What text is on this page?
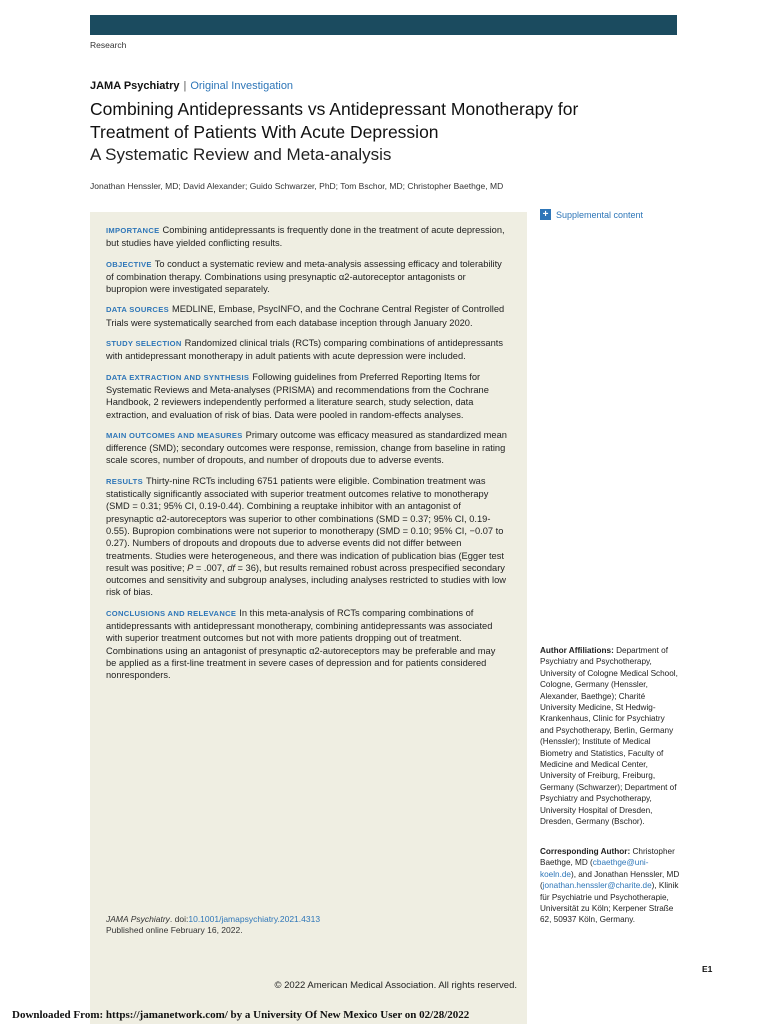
Research
JAMA Psychiatry | Original Investigation
Combining Antidepressants vs Antidepressant Monotherapy for Treatment of Patients With Acute Depression
A Systematic Review and Meta-analysis
Jonathan Henssler, MD; David Alexander; Guido Schwarzer, PhD; Tom Bschor, MD; Christopher Baethge, MD

IMPORTANCE Combining antidepressants is frequently done in the treatment of acute depression, but studies have yielded conflicting results.

OBJECTIVE To conduct a systematic review and meta-analysis assessing efficacy and tolerability of combination therapy. Combinations using presynaptic α2-autoreceptor antagonists or bupropion were investigated separately.

DATA SOURCES MEDLINE, Embase, PsycINFO, and the Cochrane Central Register of Controlled Trials were systematically searched from each database inception through January 2020.

STUDY SELECTION Randomized clinical trials (RCTs) comparing combinations of antidepressants with antidepressant monotherapy in adult patients with acute depression were included.

DATA EXTRACTION AND SYNTHESIS Following guidelines from Preferred Reporting Items for Systematic Reviews and Meta-analyses (PRISMA) and recommendations from the Cochrane Handbook, 2 reviewers independently performed a literature search, study selection, data extraction, and evaluation of risk of bias. Data were pooled in random-effects analyses.

MAIN OUTCOMES AND MEASURES Primary outcome was efficacy measured as standardized mean difference (SMD); secondary outcomes were response, remission, change from baseline in rating scale scores, number of dropouts, and number of dropouts due to adverse events.

RESULTS Thirty-nine RCTs including 6751 patients were eligible. Combination treatment was statistically significantly associated with superior treatment outcomes relative to monotherapy (SMD = 0.31; 95% CI, 0.19-0.44). Combining a reuptake inhibitor with an antagonist of presynaptic α2-autoreceptors was superior to other combinations (SMD = 0.37; 95% CI, 0.19-0.55). Bupropion combinations were not superior to monotherapy (SMD = 0.10; 95% CI, −0.07 to 0.27). Numbers of dropouts and dropouts due to adverse events did not differ between treatments. Studies were heterogeneous, and there was indication of publication bias (Egger test result was positive; P = .007, df = 36), but results remained robust across prespecified secondary outcomes and sensitivity and subgroup analyses, including analyses restricted to studies with low risk of bias.

CONCLUSIONS AND RELEVANCE In this meta-analysis of RCTs comparing combinations of antidepressants with antidepressant monotherapy, combining antidepressants was associated with superior treatment outcomes but not with more patients dropping out of treatment. Combinations using an antagonist of presynaptic α2-autoreceptors may be preferable and may be applied as a first-line treatment in severe cases of depression and for patients considered nonresponders.

JAMA Psychiatry. doi:10.1001/jamapsychiatry.2021.4313
Published online February 16, 2022.
© 2022 American Medical Association. All rights reserved.
+ Supplemental content
Author Affiliations: Department of Psychiatry and Psychotherapy, University of Cologne Medical School, Cologne, Germany (Henssler, Alexander, Baethge); Charité University Medicine, St Hedwig-Krankenhaus, Clinic for Psychiatry and Psychotherapy, Berlin, Germany (Henssler); Institute of Medical Biometry and Statistics, Faculty of Medicine and Medical Center, University of Freiburg, Freiburg, Germany (Schwarzer); Department of Psychiatry and Psychotherapy, University Hospital of Dresden, Dresden, Germany (Bschor).
Corresponding Author: Christopher Baethge, MD (cbaethge@uni-koeln.de), and Jonathan Henssler, MD (jonathan.henssler@charite.de), Klinik für Psychiatrie und Psychotherapie, Universität zu Köln; Kerpener Straße 62, 50937 Köln, Germany.
E1
Downloaded From: https://jamanetwork.com/ by a University Of New Mexico User on 02/28/2022
